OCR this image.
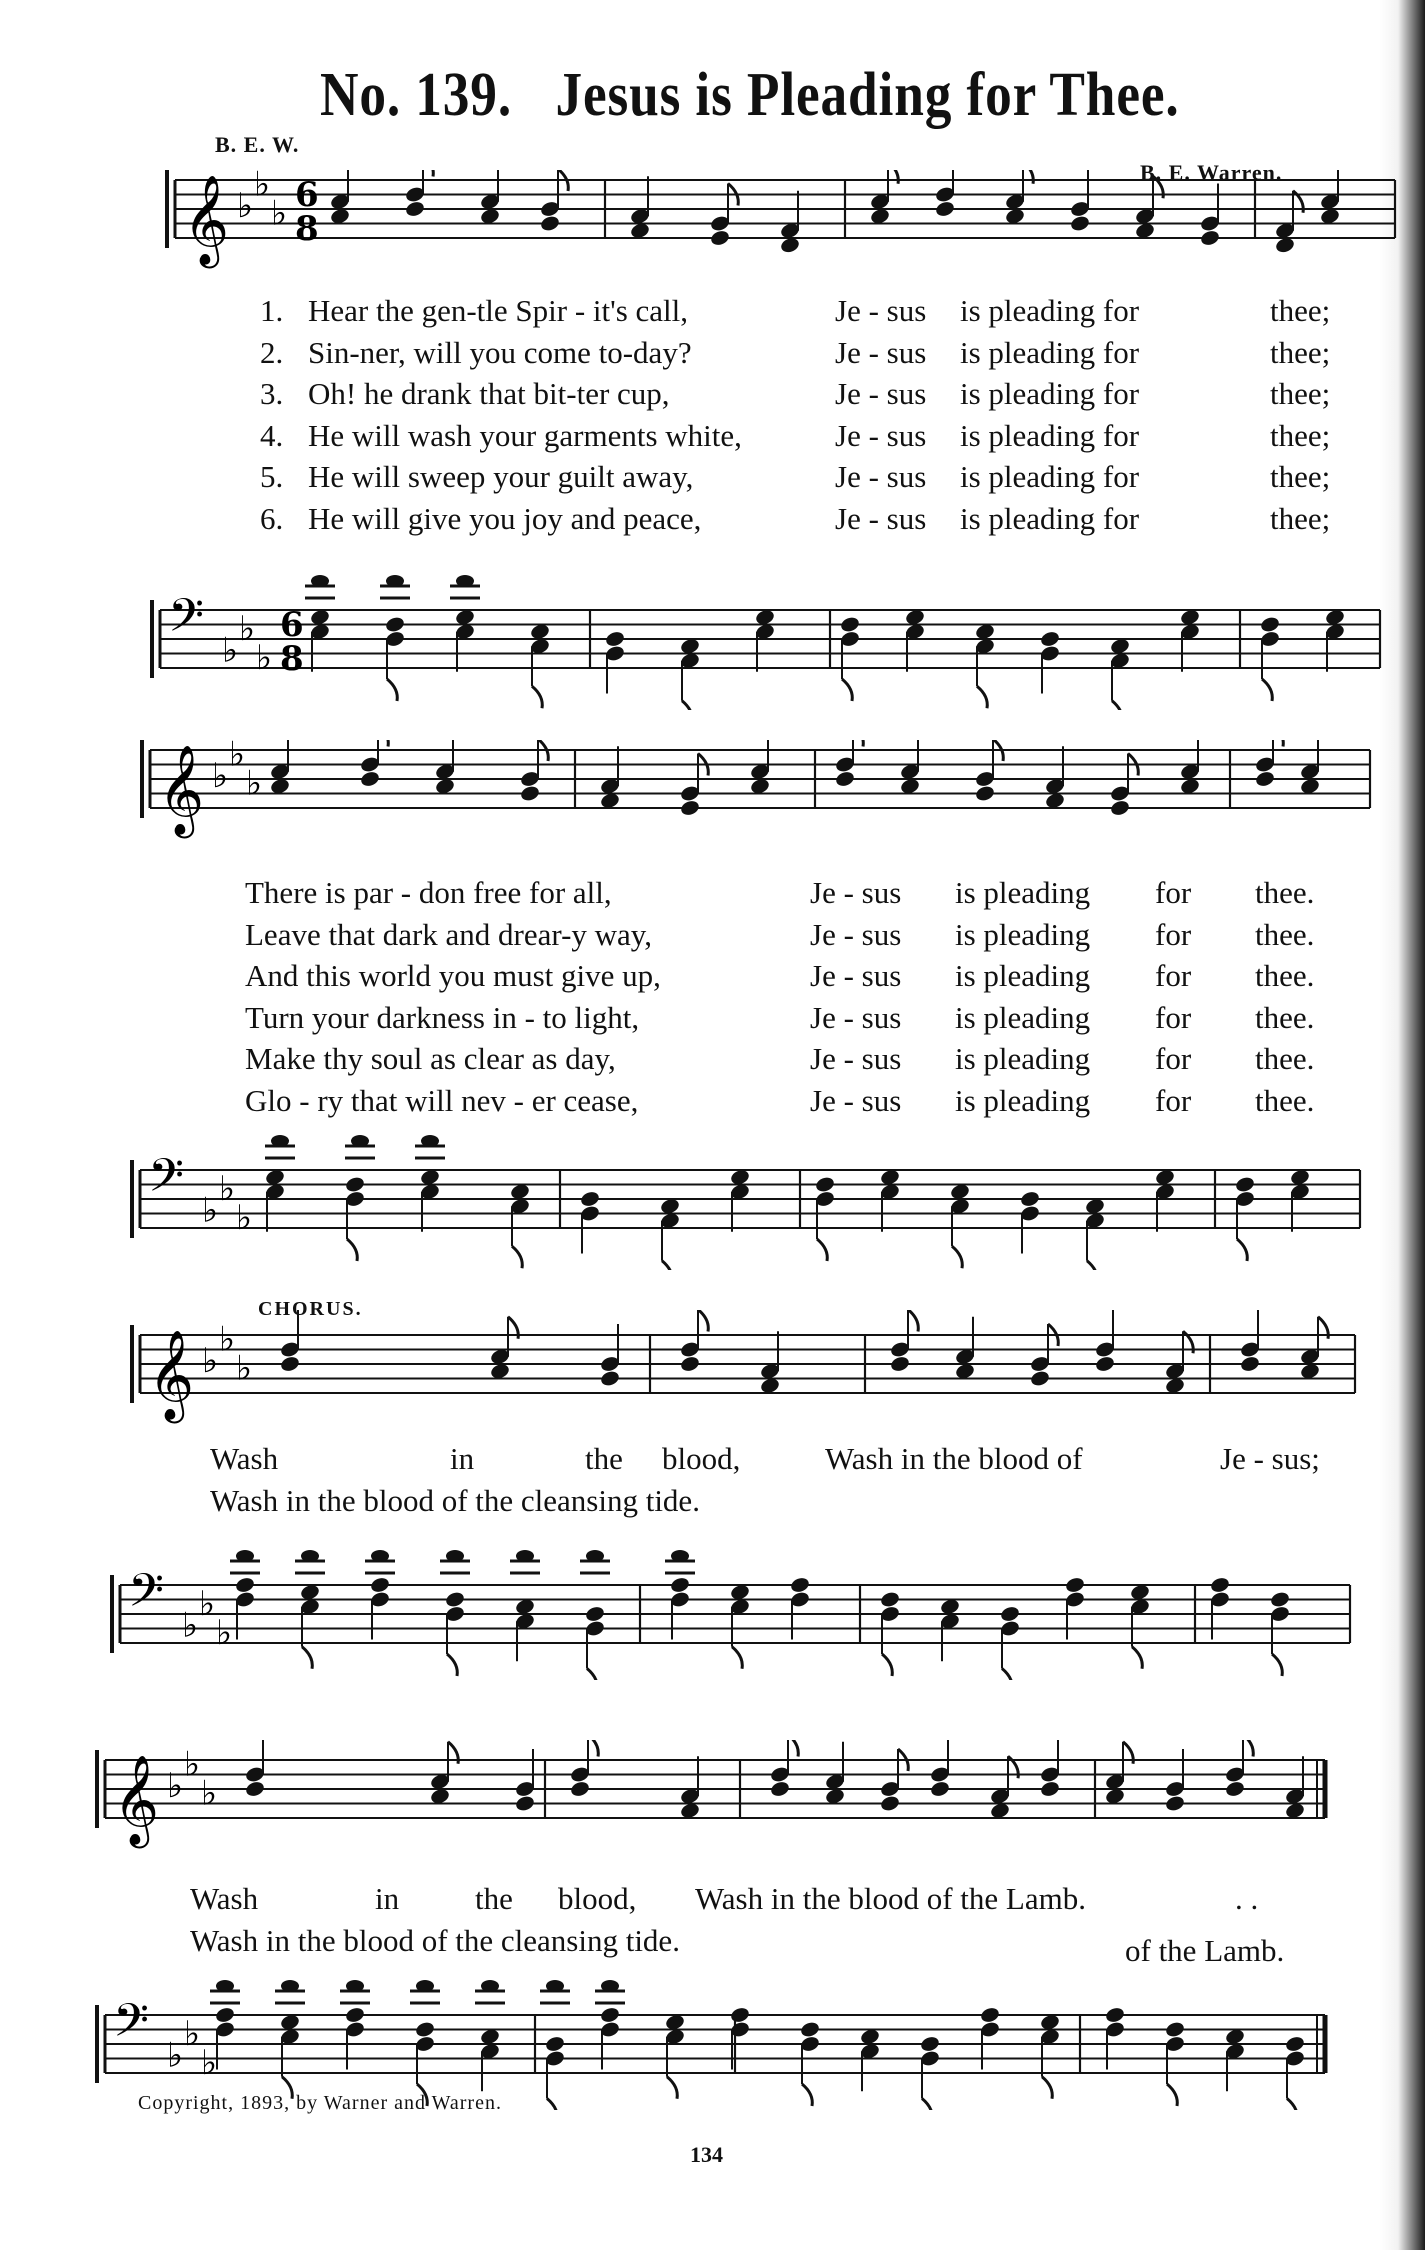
No. 139. Jesus is Pleading for Thee.
B. E. W.
B. E. Warren.
𝄞 ♭
♭
♭ 6
8
1. Hear the gen-tle Spir - it's call,	Je - sus is pleading for	thee;
2. Sin-ner, will you come to-day?	Je - sus is pleading for	thee;
3. Oh! he drank that bit-ter cup,	Je - sus is pleading for	thee;
4. He will wash your garments white,	Je - sus is pleading for	thee;
5. He will sweep your guilt away,	Je - sus is pleading for	thee;
6. He will give you joy and peace,	Je - sus is pleading for	thee;
𝄢 ♭
♭
♭
6
8
𝄞 ♭
♭
♭
There is par - don free for all,	Je - sus is pleading for thee.
Leave that dark and drear-y way,	Je - sus is pleading for thee.
And this world you must give up,	Je - sus is pleading for thee.
Turn your darkness in - to light,	Je - sus is pleading for thee.
Make thy soul as clear as day,	Je - sus is pleading for thee.
Glo - ry that will nev - er cease,	Je - sus is pleading for thee.
𝄢 ♭
♭
♭
CHORUS.
𝄞 ♭
♭
♭
Wash	in	the blood,	Wash in the blood of	Je - sus;
Wash in the blood of the cleansing tide.
𝄢 ♭
♭
♭
𝄞 ♭
♭
♭
Wash	in the blood, Wash in the blood of the Lamb.	. .
Wash in the blood of the cleansing tide.	of the Lamb.
𝄢 ♭
♭
♭
Copyright, 1893, by Warner and Warren.
134
